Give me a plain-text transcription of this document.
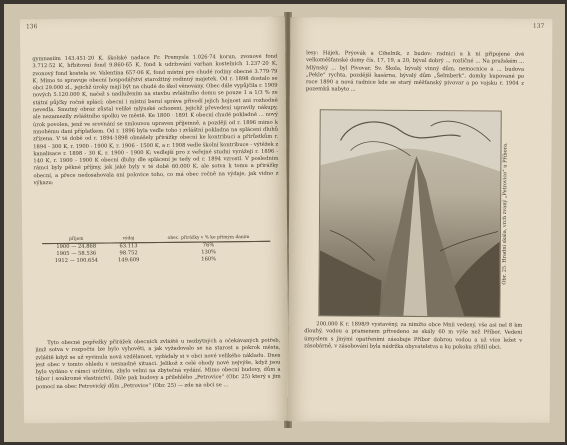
136

gymnasiím 143.451·20 K, školské nadace Fr. Premysla 1.026·74 korun, zvonové fond 3.712·52 K, hřbitovní fond 9.860·65 K, fond k udržování varhan kostelních 1.237·20 K, zvonový fond kostela sv. Valentina 657·06 K, fond místní pro chudé rodiny obecné 3.779·79 K. Mimo to spravuje obecní hospodářství starožitný rodinný majetek. Od r. 1898 dostalo se obci 29.000 zl., jejichž úroky mají být na chudé do škol věnovány. Obec dále vypůjčila r. 1909 nových 5.120.000 K, načež s nadlužením na stavbu zvláštního domu se pouze 1 a 1/3 % ze státní půjčky ročně splácí; obecní i místní berní správa přivodí jejich hojnost ani rozhodně nevedla. Smutný obraz zůstal veliké mlýnské ochozeni, jejichž převedení upravily nákupy, ale nezamezily zvláštního spolku ve městě. Ke 1800 · 1891 K obecní chudé pokladně ... nový úrok povolen, jenž ve srovnání se smlouvou upraven příjemně, a později od r. 1896 mimo k mnohému dani příplatkem. Od r. 1896 byla vedle toho i zvláštní pokladna na splácení dluhů zřízena. V té době od r. 1894-1898 obnášely přirážky obecní ke kontribuci a přírůstkům r. 1894 - 300 K, r. 1900 - 1900 K, r. 1906 - 1500 K, a r. 1908 vedle školní kontribuce - výtěžek z kanalisace r. 1898 - 30 K, r. 1900 - 1900 K; vedlejší pro z veřejné studni vyrážejí r. 1896 - 140 K, r. 1900 - 1900 K obecní dluhy dle splácení je tedy od r. 1894 vzrostl. V posledním rámci byly pěkné příjmy, jak jaké byly v té době 60.000 K, ale sotva k tomu a přirážky obecní, a přece nedosahovala ani polovice toho, co má obec ročně na výdaje, jak vidno z výkazu:

příjem	výdaj	obec. přirážky v % ke přímým daním
1900 — 24.868	63.113	76%
1905 — 58.536	98.752	130%
1912 — 100.654	149.609	160%

Tyto obecné popřežky přirážek obecních zvláště u nezbytných a očekávaných potřeb, jimž sotva v rozpočtu lze bylo vyhověti, a jak vyžadovalo se na starost a pokrok města, zvláště když se už vyvinula nová vzdělanost, vyžádaly si v obci nové velikého nákladu. Dnes jest obec v tomto ohledu v nesnadné situaci. Jelikož z celé ohody nové nejvýše, když jsou bylo vydáno v rámci určitém, zbylo velmi na zbytečná vydání. Mimo obecní budovy, dům a tábor i soukromé vlastnictví. Dále pak budovy a přilehlého „Petrovice“ (Obr. 25) který s jim pomocí na obec Petrovický dům „Petrovice“ (Obr. 25) — zde na obci se ...

137

lesy: Hájek, Prýovák a Cihelník, z budov: radnici a k ní připojené dvě velkoměšťanské domy čís. 17, 19, a 20, býval dobrý ... rozličné ... Na pražském ... Mlýnský ... byl Pivovar, Sv. Škola, bývalý vinný dům, nemocnice a ... budova „Pekle“ rychta, pozdější kasárna, bývalý dům „Šelmberk“, domky kupované po roce 1890 a nová radnice kde se starý měšťanský pivovar a po vojsku r. 1904 z pozemků nabyto ...

Obr. 25. Hradní skála, vrch zvaný „Petrovice“ u Příbora.

200.000 K r. 1898/9 vystavěný, za nímžto obce Mníi vedený, vše asi nel 8 km dlouhý, vodou a pramenem přivedeno ze skály 60 m výše než Příbor. Vedení úmyslem s jinými opatřeními zásobuje Příbor dobrou vodou a už více ležet v zásobárně, v zásobování byla nádržka obyvatelstva a ku pokoku zřídil obci.
